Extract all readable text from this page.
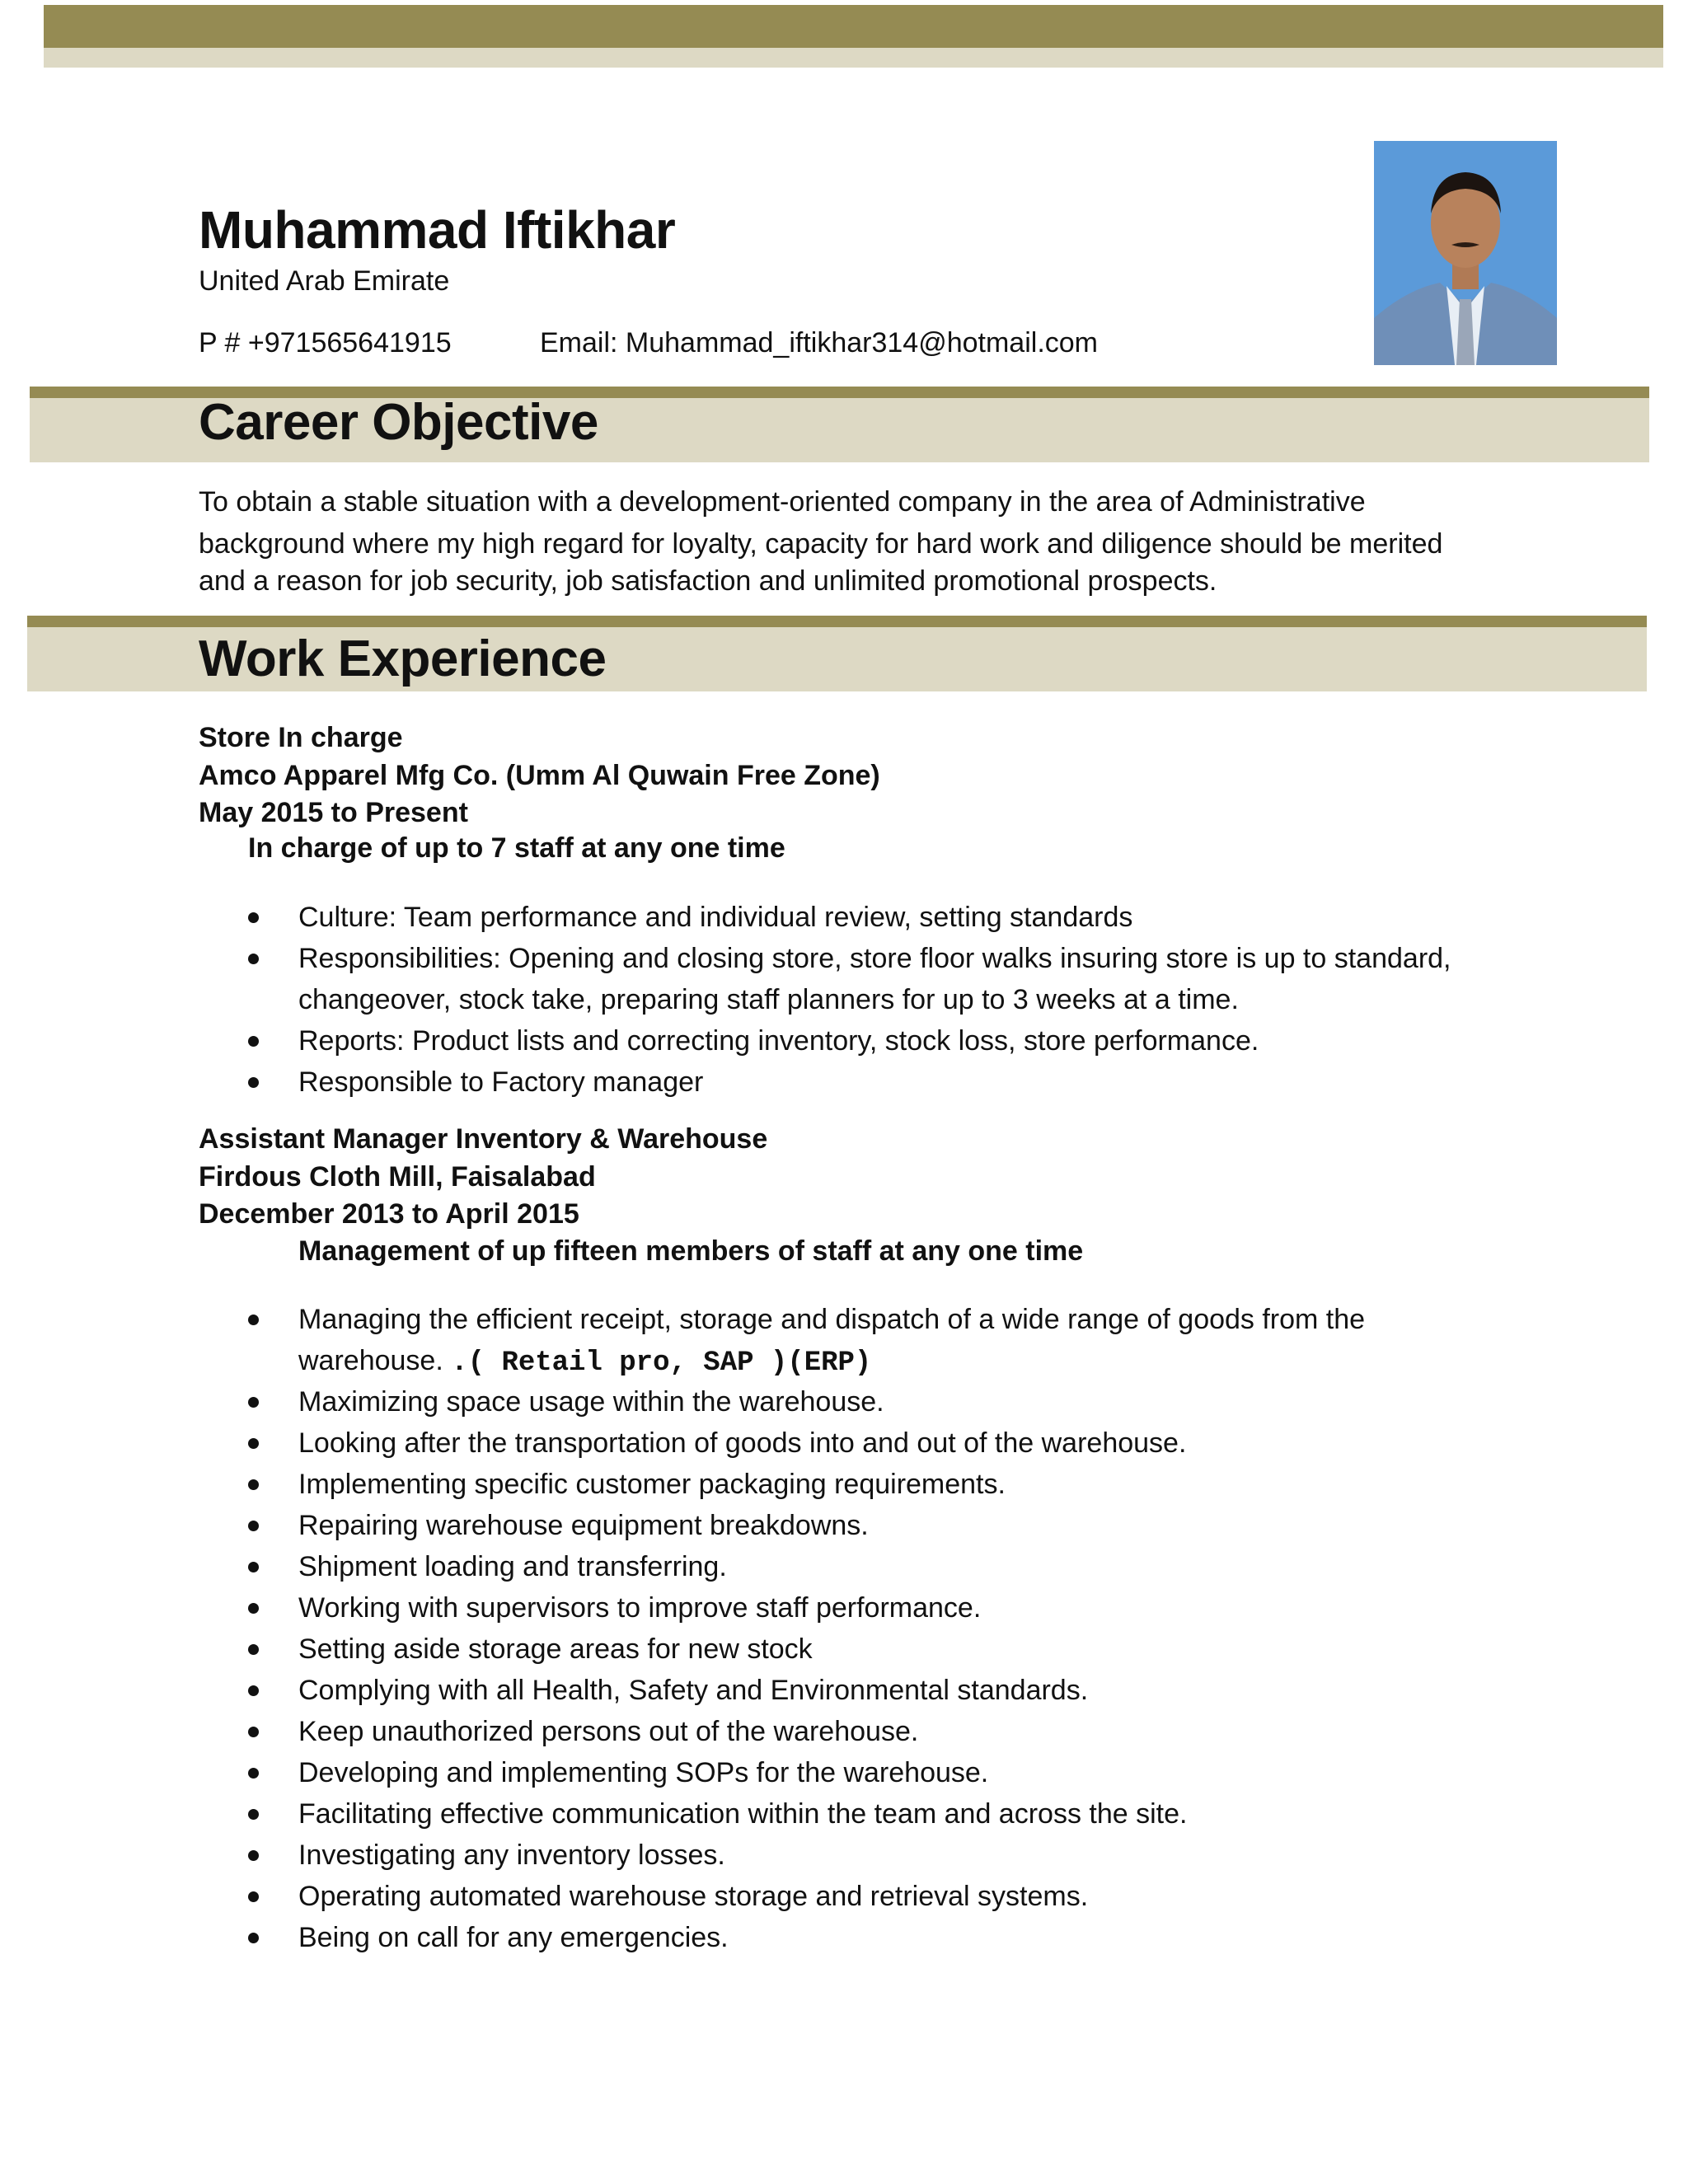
Muhammad Iftikhar
United Arab Emirate
P # +971565641915	Email: Muhammad_iftikhar314@hotmail.com
Career Objective
To obtain a stable situation with a development-oriented company in the area of Administrative
background where my high regard for loyalty, capacity for hard work and diligence should be merited
and a reason for job security, job satisfaction and unlimited promotional prospects.
Work Experience
Store In charge
Amco Apparel Mfg Co. (Umm Al Quwain Free Zone)
May 2015 to Present
In charge of up to 7 staff at any one time
Culture: Team performance and individual review, setting standards
Responsibilities: Opening and closing store, store floor walks insuring store is up to standard,
changeover, stock take, preparing staff planners for up to 3 weeks at a time.
Reports: Product lists and correcting inventory, stock loss, store performance.
Responsible to Factory manager
Assistant Manager Inventory & Warehouse
Firdous Cloth Mill, Faisalabad
December 2013 to April 2015
Management of up fifteen members of staff at any one time
Managing the efficient receipt, storage and dispatch of a wide range of goods from the
warehouse. .( Retail pro, SAP )(ERP)
Maximizing space usage within the warehouse.
Looking after the transportation of goods into and out of the warehouse.
Implementing specific customer packaging requirements.
Repairing warehouse equipment breakdowns.
Shipment loading and transferring.
Working with supervisors to improve staff performance.
Setting aside storage areas for new stock
Complying with all Health, Safety and Environmental standards.
Keep unauthorized persons out of the warehouse.
Developing and implementing SOPs for the warehouse.
Facilitating effective communication within the team and across the site.
Investigating any inventory losses.
Operating automated warehouse storage and retrieval systems.
Being on call for any emergencies.
